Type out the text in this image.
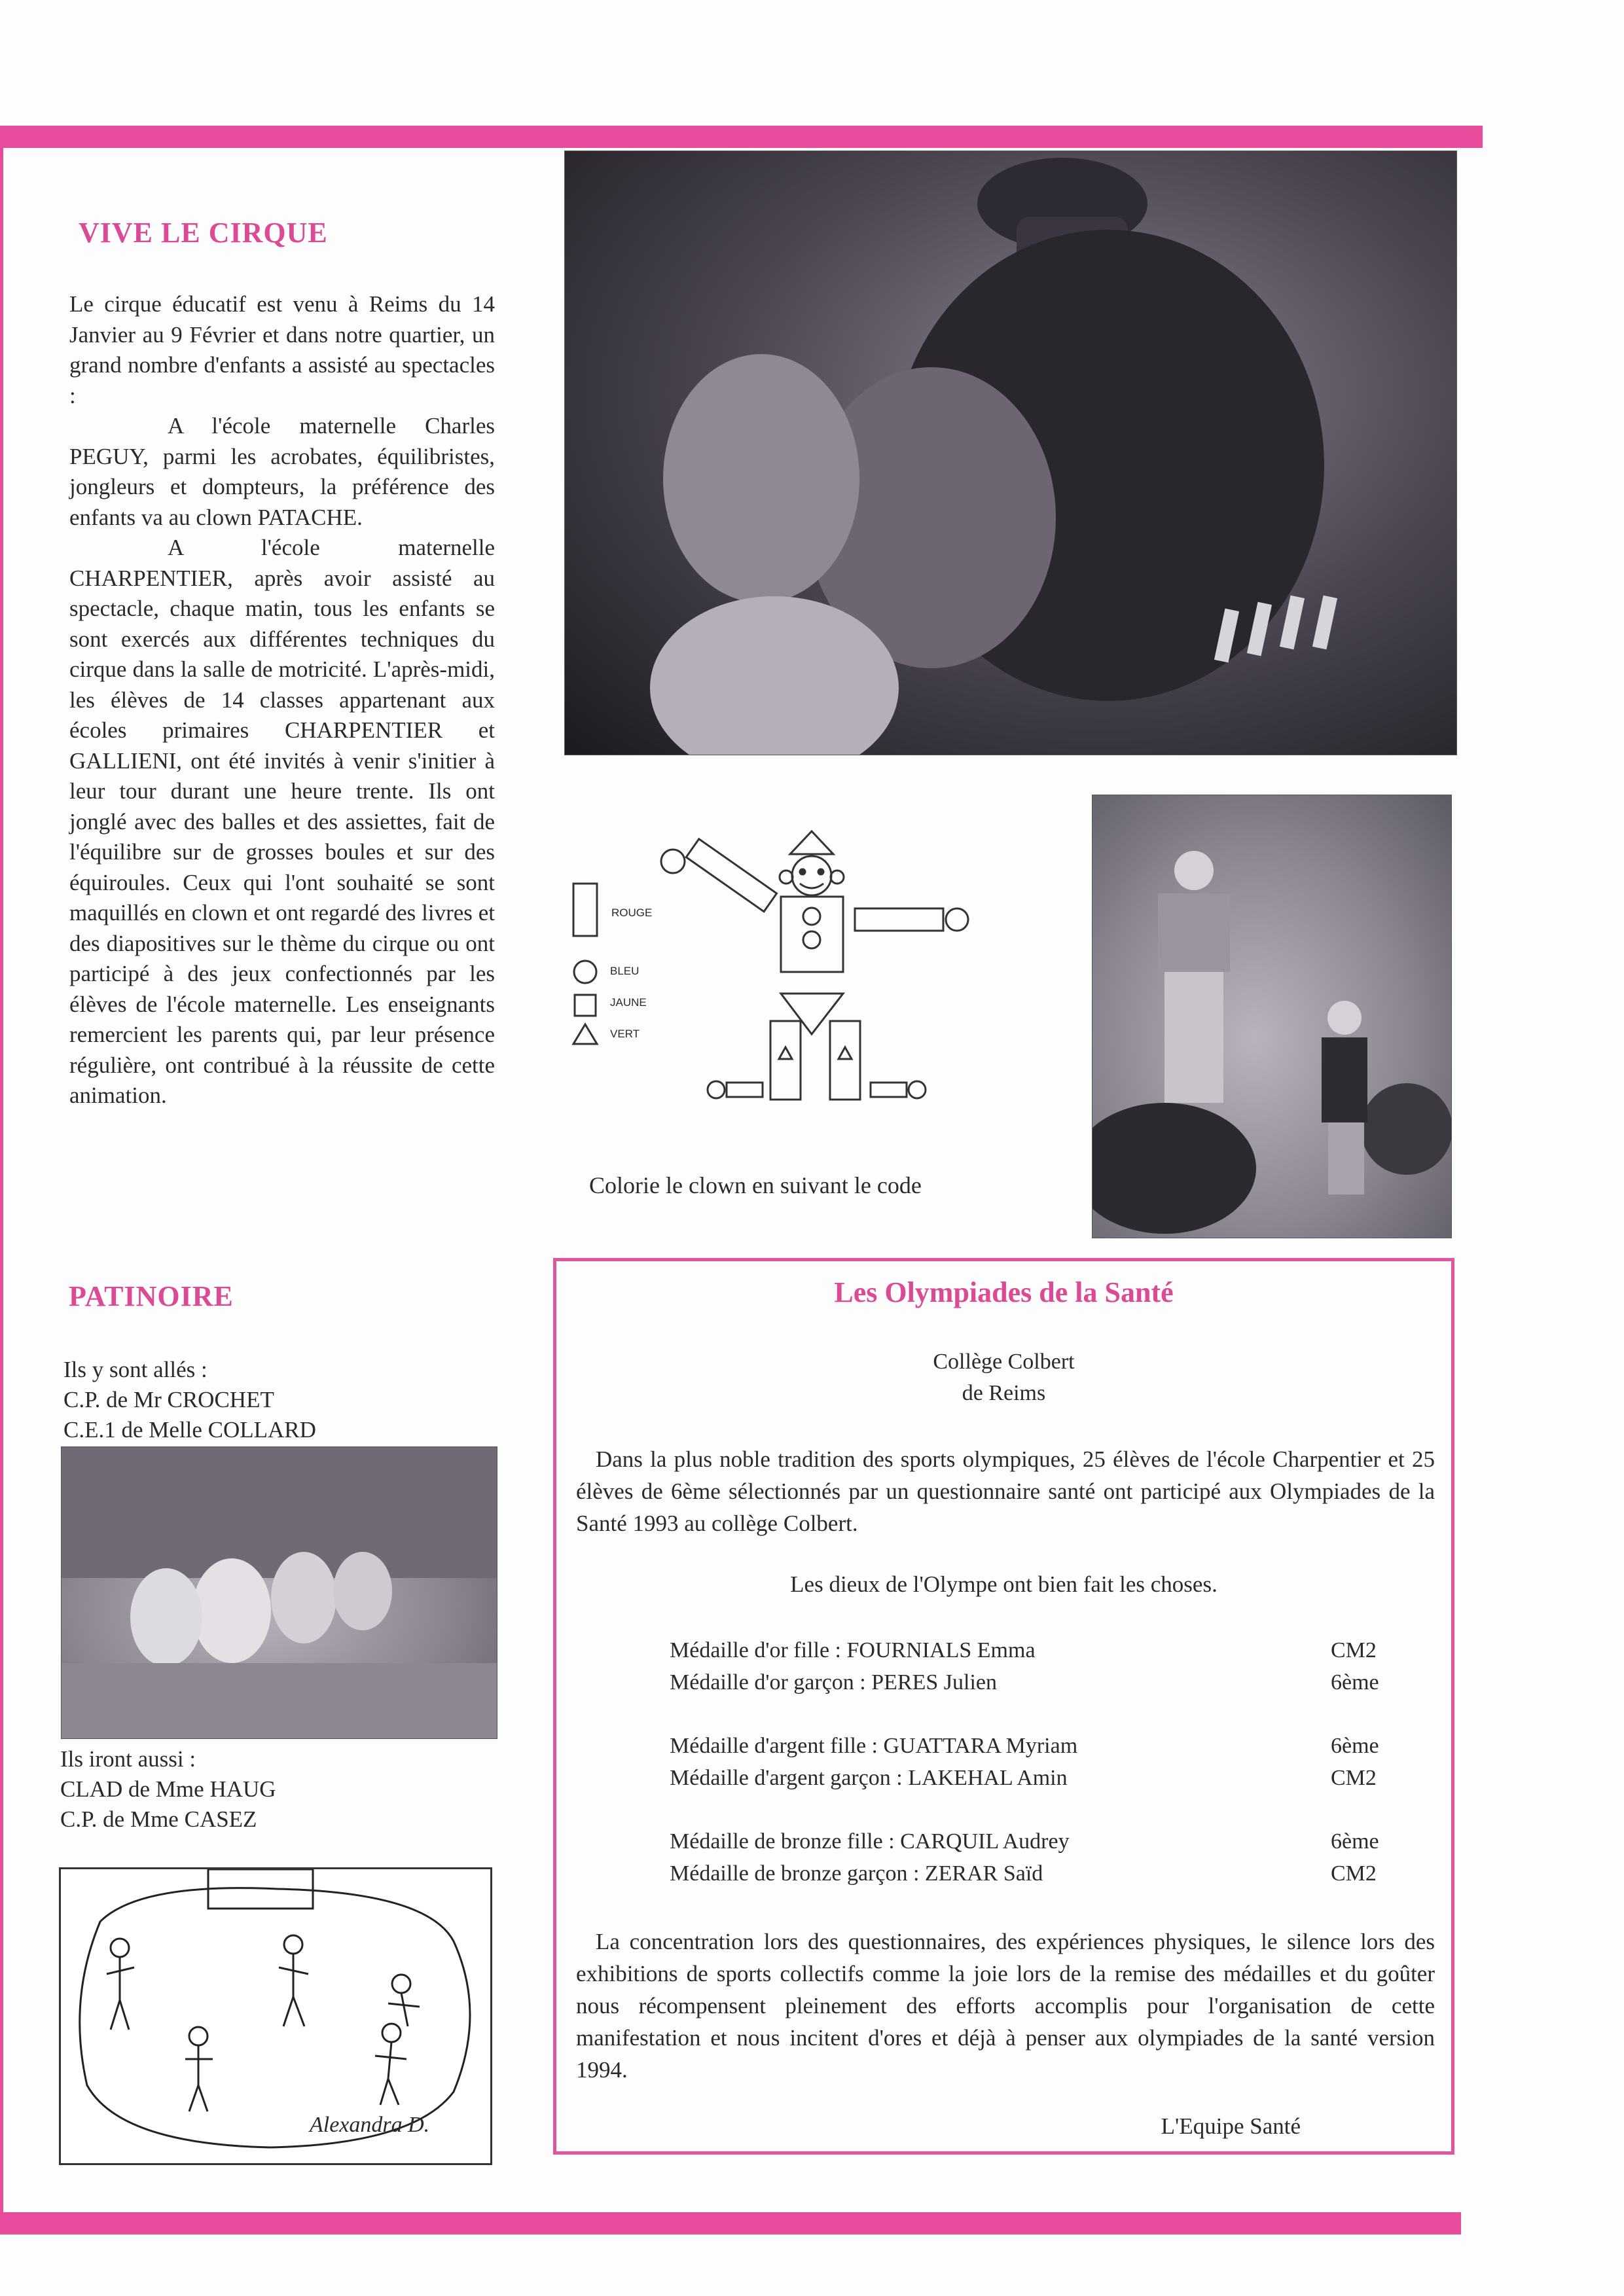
VIVE LE CIRQUE

Le cirque éducatif est venu à Reims du 14 Janvier au 9 Février et dans notre quartier, un grand nombre d'enfants a assisté au spectacles :

A l'école maternelle Charles PEGUY, parmi les acrobates, équilibristes, jongleurs et dompteurs, la préférence des enfants va au clown PATACHE.

A l'école maternelle CHARPENTIER, après avoir assisté au spectacle, chaque matin, tous les enfants se sont exercés aux différentes techniques du cirque dans la salle de motricité. L'après-midi, les élèves de 14 classes appartenant aux écoles primaires CHARPENTIER et GALLIENI, ont été invités à venir s'initier à leur tour durant une heure trente. Ils ont jonglé avec des balles et des assiettes, fait de l'équilibre sur de grosses boules et sur des équiroules. Ceux qui l'ont souhaité se sont maquillés en clown et ont regardé des livres et des diapositives sur le thème du cirque ou ont participé à des jeux confectionnés par les élèves de l'école maternelle. Les enseignants remercient les parents qui, par leur présence régulière, ont contribué à la réussite de cette animation.

ROUGE
BLEU
JAUNE
VERT
Colorie le clown en suivant le code
PATINOIRE
Ils y sont allés :
C.P. de Mr CROCHET
C.E.1 de Melle COLLARD
Ils iront aussi :
CLAD de Mme HAUG
C.P. de Mme CASEZ
Alexandra D.
Les Olympiades de la Santé
Collège Colbert
de Reims

Dans la plus noble tradition des sports olympiques, 25 élèves de l'école Charpentier et 25 élèves de 6ème sélectionnés par un questionnaire santé ont participé aux Olympiades de la Santé 1993 au collège Colbert.

Les dieux de l'Olympe ont bien fait les choses.
Médaille d'or fille : FOURNIALS Emma	CM2
Médaille d'or garçon : PERES Julien	6ème
Médaille d'argent fille : GUATTARA Myriam	6ème
Médaille d'argent garçon : LAKEHAL Amin	CM2
Médaille de bronze fille : CARQUIL Audrey	6ème
Médaille de bronze garçon : ZERAR Saïd	CM2

La concentration lors des questionnaires, des expériences physiques, le silence lors des exhibitions de sports collectifs comme la joie lors de la remise des médailles et du goûter nous récompensent pleinement des efforts accomplis pour l'organisation de cette manifestation et nous incitent d'ores et déjà à penser aux olympiades de la santé version 1994.

L'Equipe Santé
